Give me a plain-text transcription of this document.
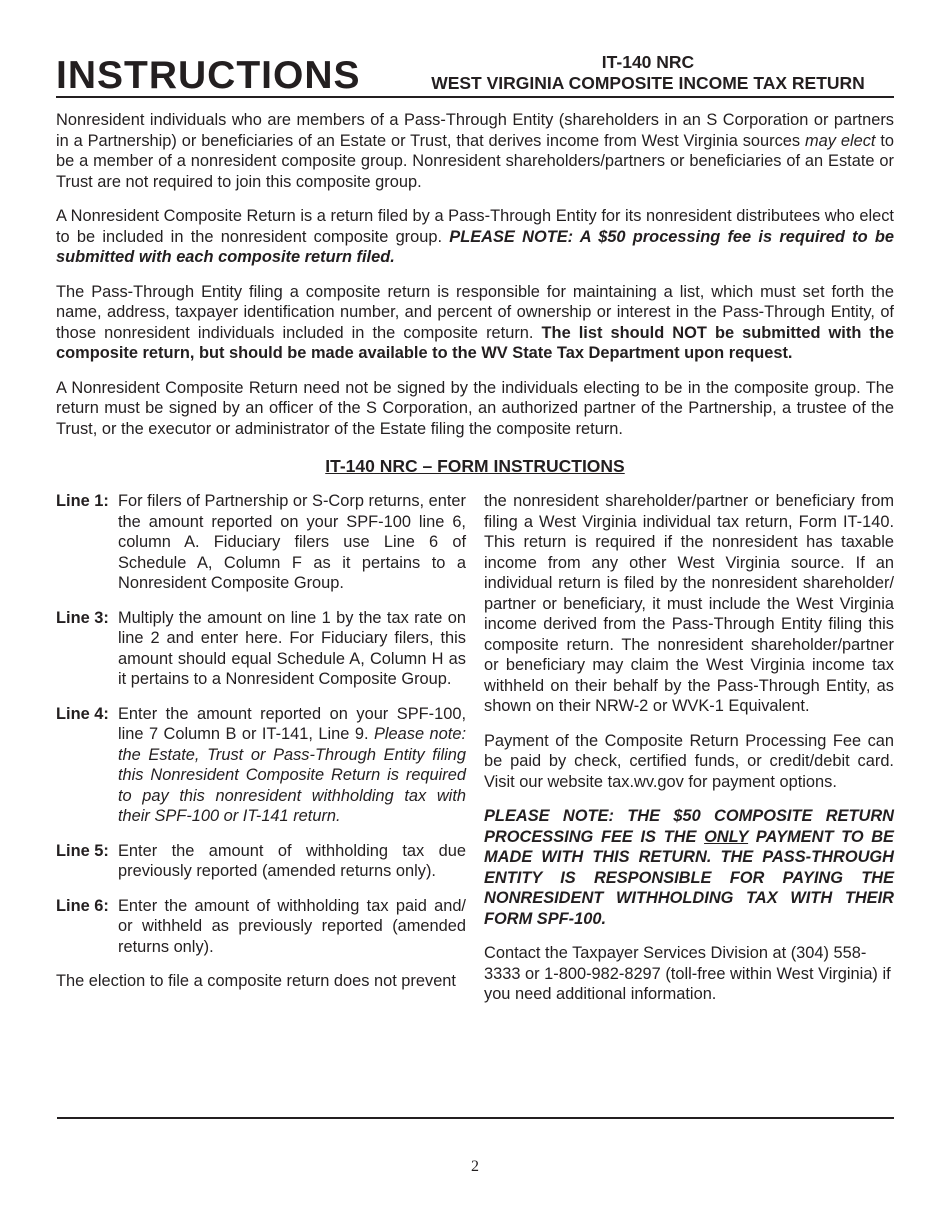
INSTRUCTIONS	IT-140 NRC
WEST VIRGINIA COMPOSITE INCOME TAX RETURN

Nonresident individuals who are members of a Pass-Through Entity (shareholders in an S Corporation or partners in a Partnership) or beneficiaries of an Estate or Trust, that derives income from West Virginia sources may elect to be a member of a nonresident composite group. Nonresident shareholders/partners or beneficiaries of an Estate or Trust are not required to join this composite group.

A Nonresident Composite Return is a return filed by a Pass-Through Entity for its nonresident distributees who elect to be included in the nonresident composite group. PLEASE NOTE: A $50 processing fee is required to be submitted with each composite return filed.

The Pass-Through Entity filing a composite return is responsible for maintaining a list, which must set forth the name, address, taxpayer identification number, and percent of ownership or interest in the Pass-Through Entity, of those nonresident individuals included in the composite return. The list should NOT be submitted with the composite return, but should be made available to the WV State Tax Department upon request.

A Nonresident Composite Return need not be signed by the individuals electing to be in the composite group. The return must be signed by an officer of the S Corporation, an authorized partner of the Partnership, a trustee of the Trust, or the executor or administrator of the Estate filing the composite return.

IT-140 NRC – FORM INSTRUCTIONS
Line 1: For filers of Partnership or S-Corp returns, enter the amount reported on your SPF-100 line 6, column A. Fiduciary filers use Line 6 of Schedule A, Column F as it pertains to a Nonresident Composite Group.
Line 3: Multiply the amount on line 1 by the tax rate on line 2 and enter here. For Fiduciary filers, this amount should equal Schedule A, Column H as it pertains to a Nonresident Composite Group.
Line 4: Enter the amount reported on your SPF-100, line 7 Column B or IT-141, Line 9. Please note: the Estate, Trust or Pass-Through Entity filing this Nonresident Composite Return is required to pay this nonresident withholding tax with their SPF-100 or IT-141 return.
Line 5: Enter the amount of withholding tax due previously reported (amended returns only).
Line 6: Enter the amount of withholding tax paid and/ or withheld as previously reported (amended returns only).

The election to file a composite return does not prevent

the nonresident shareholder/partner or beneficiary from filing a West Virginia individual tax return, Form IT-140. This return is required if the nonresident has taxable income from any other West Virginia source. If an individual return is filed by the nonresident shareholder/ partner or beneficiary, it must include the West Virginia income derived from the Pass-Through Entity filing this composite return. The nonresident shareholder/partner or beneficiary may claim the West Virginia income tax withheld on their behalf by the Pass-Through Entity, as shown on their NRW-2 or WVK-1 Equivalent.

Payment of the Composite Return Processing Fee can be paid by check, certified funds, or credit/debit card. Visit our website tax.wv.gov for payment options.

PLEASE NOTE: THE $50 COMPOSITE RETURN PROCESSING FEE IS THE ONLY PAYMENT TO BE MADE WITH THIS RETURN. THE PASS-THROUGH ENTITY IS RESPONSIBLE FOR PAYING THE NONRESIDENT WITHHOLDING TAX WITH THEIR FORM SPF-100.

Contact the Taxpayer Services Division at (304) 558-3333 or 1-800-982-8297 (toll-free within West Virginia) if you need additional information.

2
